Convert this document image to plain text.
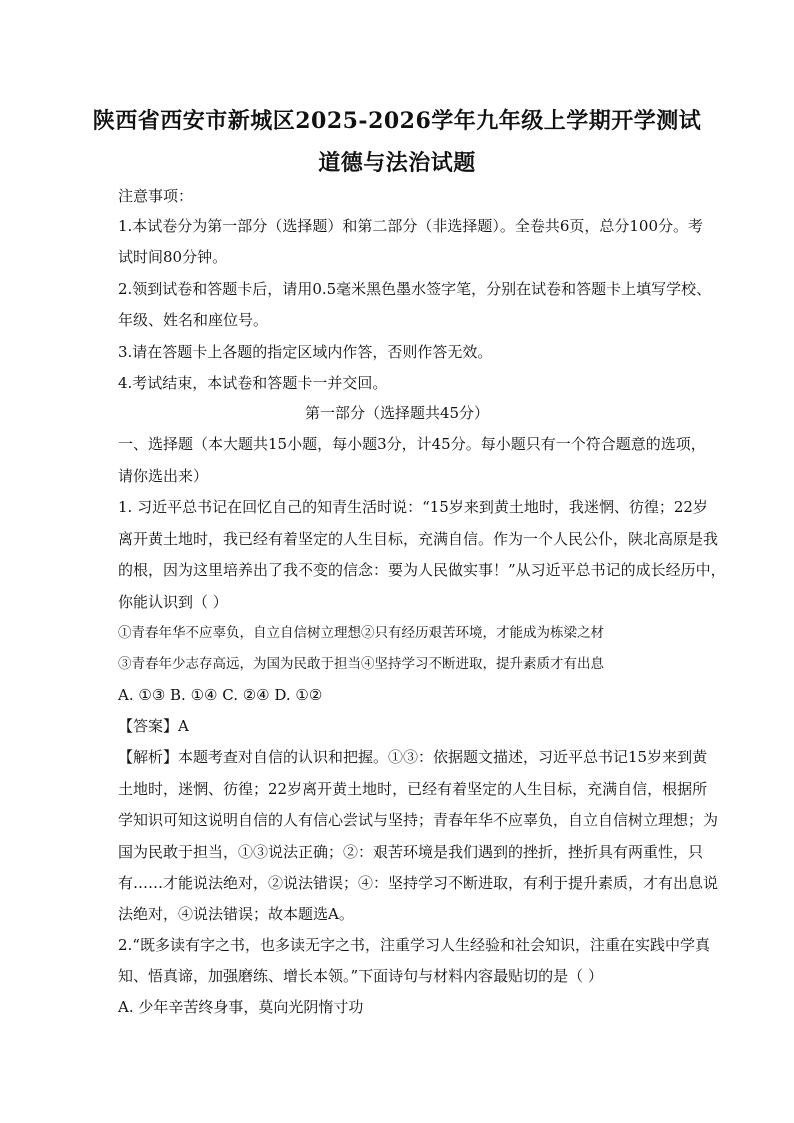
陕西省西安市新城区2025-2026学年九年级上学期开学测试
道德与法治试题
注意事项：
1.本试卷分为第一部分（选择题）和第二部分（非选择题）。全卷共6页，总分100分。考
试时间80分钟。
2.领到试卷和答题卡后，请用0.5毫米黑色墨水签字笔，分别在试卷和答题卡上填写学校、
年级、姓名和座位号。
3.请在答题卡上各题的指定区域内作答，否则作答无效。
4.考试结束，本试卷和答题卡一并交回。
第一部分（选择题共45分）
一、选择题（本大题共15小题，每小题3分，计45分。每小题只有一个符合题意的选项，
请你选出来）
1. 习近平总书记在回忆自己的知青生活时说：“15岁来到黄土地时，我迷惘、彷徨；22岁
离开黄土地时，我已经有着坚定的人生目标，充满自信。作为一个人民公仆，陕北高原是我
的根，因为这里培养出了我不变的信念：要为人民做实事！”从习近平总书记的成长经历中，
你能认识到（ ）
①青春年华不应辜负，自立自信树立理想②只有经历艰苦环境，才能成为栋梁之材
③青春年少志存高远，为国为民敢于担当④坚持学习不断进取，提升素质才有出息
A. ①③ B. ①④ C. ②④ D. ①②
【答案】A
【解析】本题考查对自信的认识和把握。①③：依据题文描述，习近平总书记15岁来到黄
土地时，迷惘、彷徨；22岁离开黄土地时，已经有着坚定的人生目标，充满自信，根据所
学知识可知这说明自信的人有信心尝试与坚持；青春年华不应辜负，自立自信树立理想；为
国为民敢于担当，①③说法正确；②：艰苦环境是我们遇到的挫折，挫折具有两重性，只
有……才能说法绝对，②说法错误；④：坚持学习不断进取，有利于提升素质，才有出息说
法绝对，④说法错误；故本题选A。
2.“既多读有字之书，也多读无字之书，注重学习人生经验和社会知识，注重在实践中学真
知、悟真谛，加强磨练、增长本领。”下面诗句与材料内容最贴切的是（ ）
A. 少年辛苦终身事，莫向光阴惰寸功
